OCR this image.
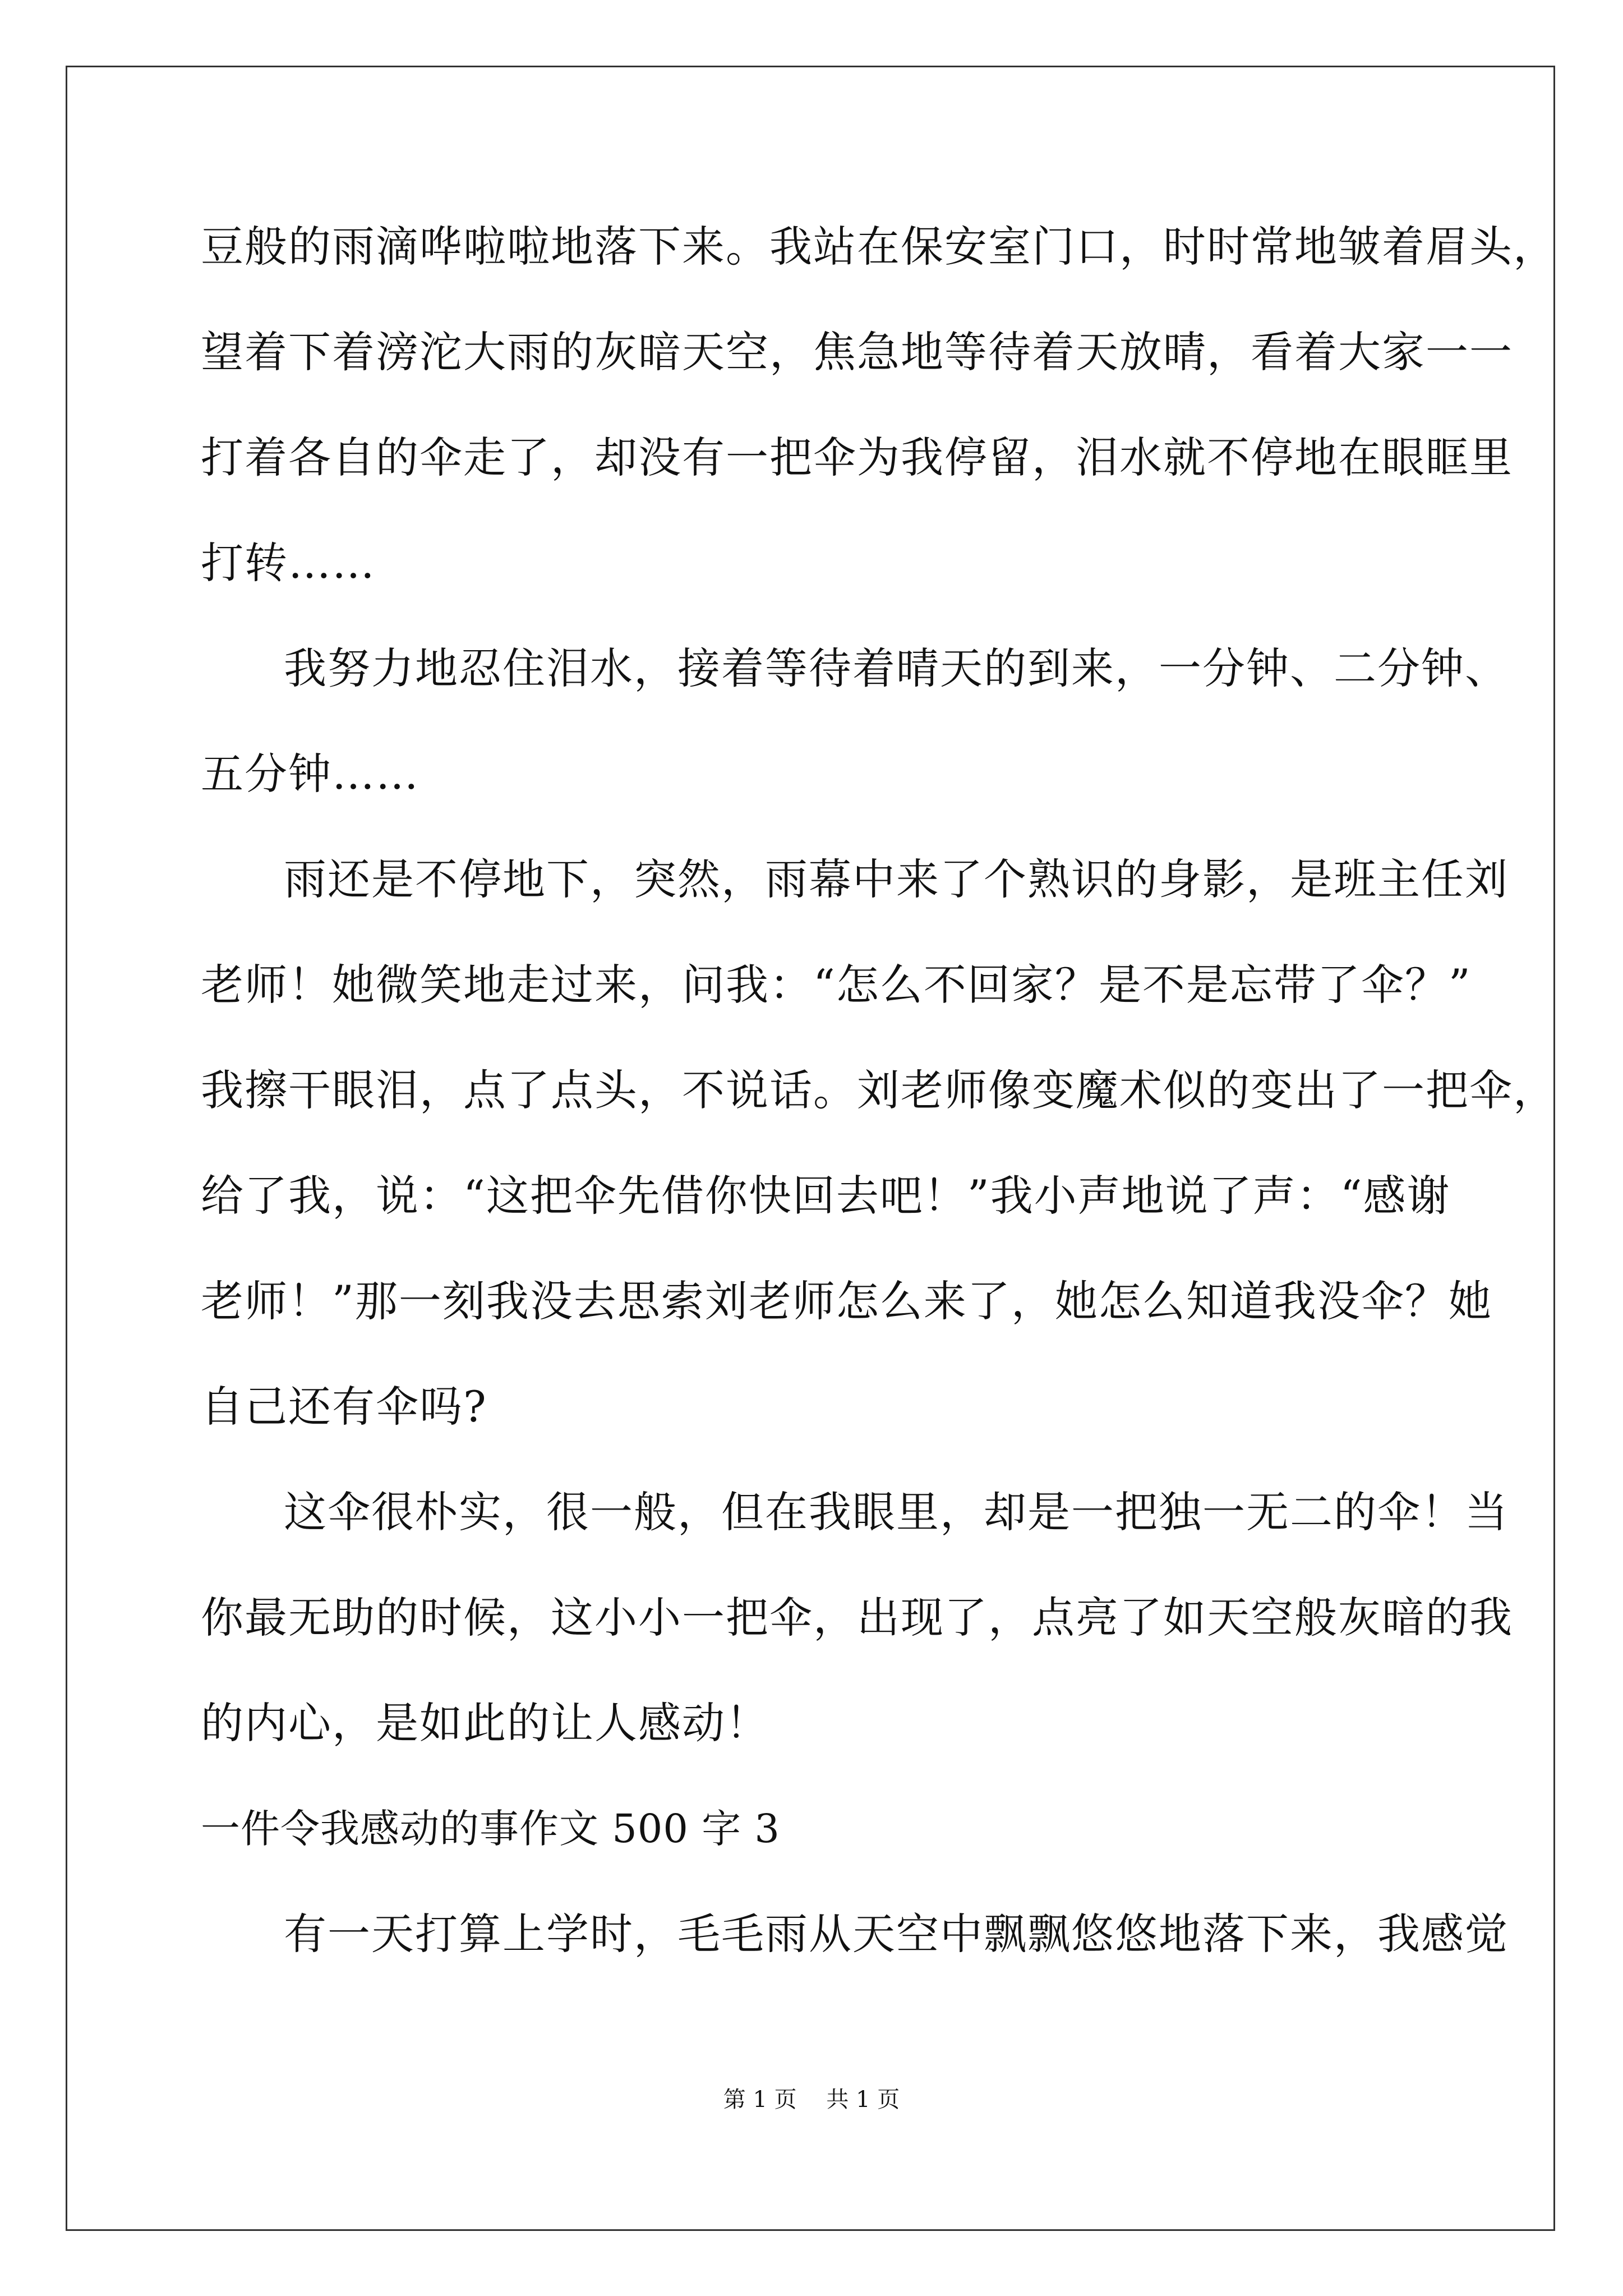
豆般的雨滴哗啦啦地落下来。我站在保安室门口，时时常地皱着眉头，
望着下着滂沱大雨的灰暗天空，焦急地等待着天放晴，看着大家一一
打着各自的伞走了，却没有一把伞为我停留，泪水就不停地在眼眶里
打转……
我努力地忍住泪水，接着等待着晴天的到来，一分钟、二分钟、
五分钟……
雨还是不停地下，突然，雨幕中来了个熟识的身影，是班主任刘
老师！她微笑地走过来，问我：“怎么不回家？是不是忘带了伞？”
我擦干眼泪，点了点头，不说话。刘老师像变魔术似的变出了一把伞，
给了我，说：“这把伞先借你快回去吧！”我小声地说了声：“感谢
老师！”那一刻我没去思索刘老师怎么来了，她怎么知道我没伞？她
自己还有伞吗?
这伞很朴实，很一般，但在我眼里，却是一把独一无二的伞！当
你最无助的时候，这小小一把伞，出现了，点亮了如天空般灰暗的我
的内心，是如此的让人感动！
一件令我感动的事作文 500 字 3
有一天打算上学时，毛毛雨从天空中飘飘悠悠地落下来，我感觉
第 1 页 共 1 页
